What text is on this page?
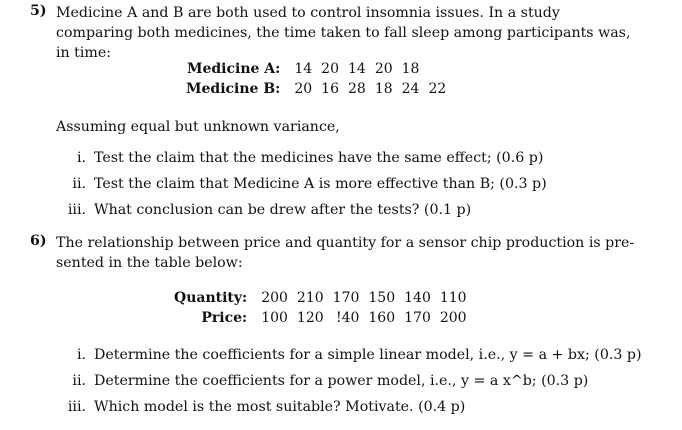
5) Medicine A and B are both used to control insomnia issues. In a study comparing both medicines, the time taken to fall sleep among participants was, in time:
Medicine A:	14	20	14	20	18	
Medicine B:	20	16	28	18	24	22
Assuming equal but unknown variance,
i. Test the claim that the medicines have the same effect; (0.6 p)
ii. Test the claim that Medicine A is more effective than B; (0.3 p)
iii. What conclusion can be drew after the tests? (0.1 p)
6) The relationship between price and quantity for a sensor chip production is pre- sented in the table below:
Quantity:	200	210	170	150	140	110
Price:	100	120	!40	160	170	200
i. Determine the coefficients for a simple linear model, i.e., y = a + bx; (0.3 p)
ii. Determine the coefficients for a power model, i.e., y = a x^b; (0.3 p)
iii. Which model is the most suitable? Motivate. (0.4 p)
